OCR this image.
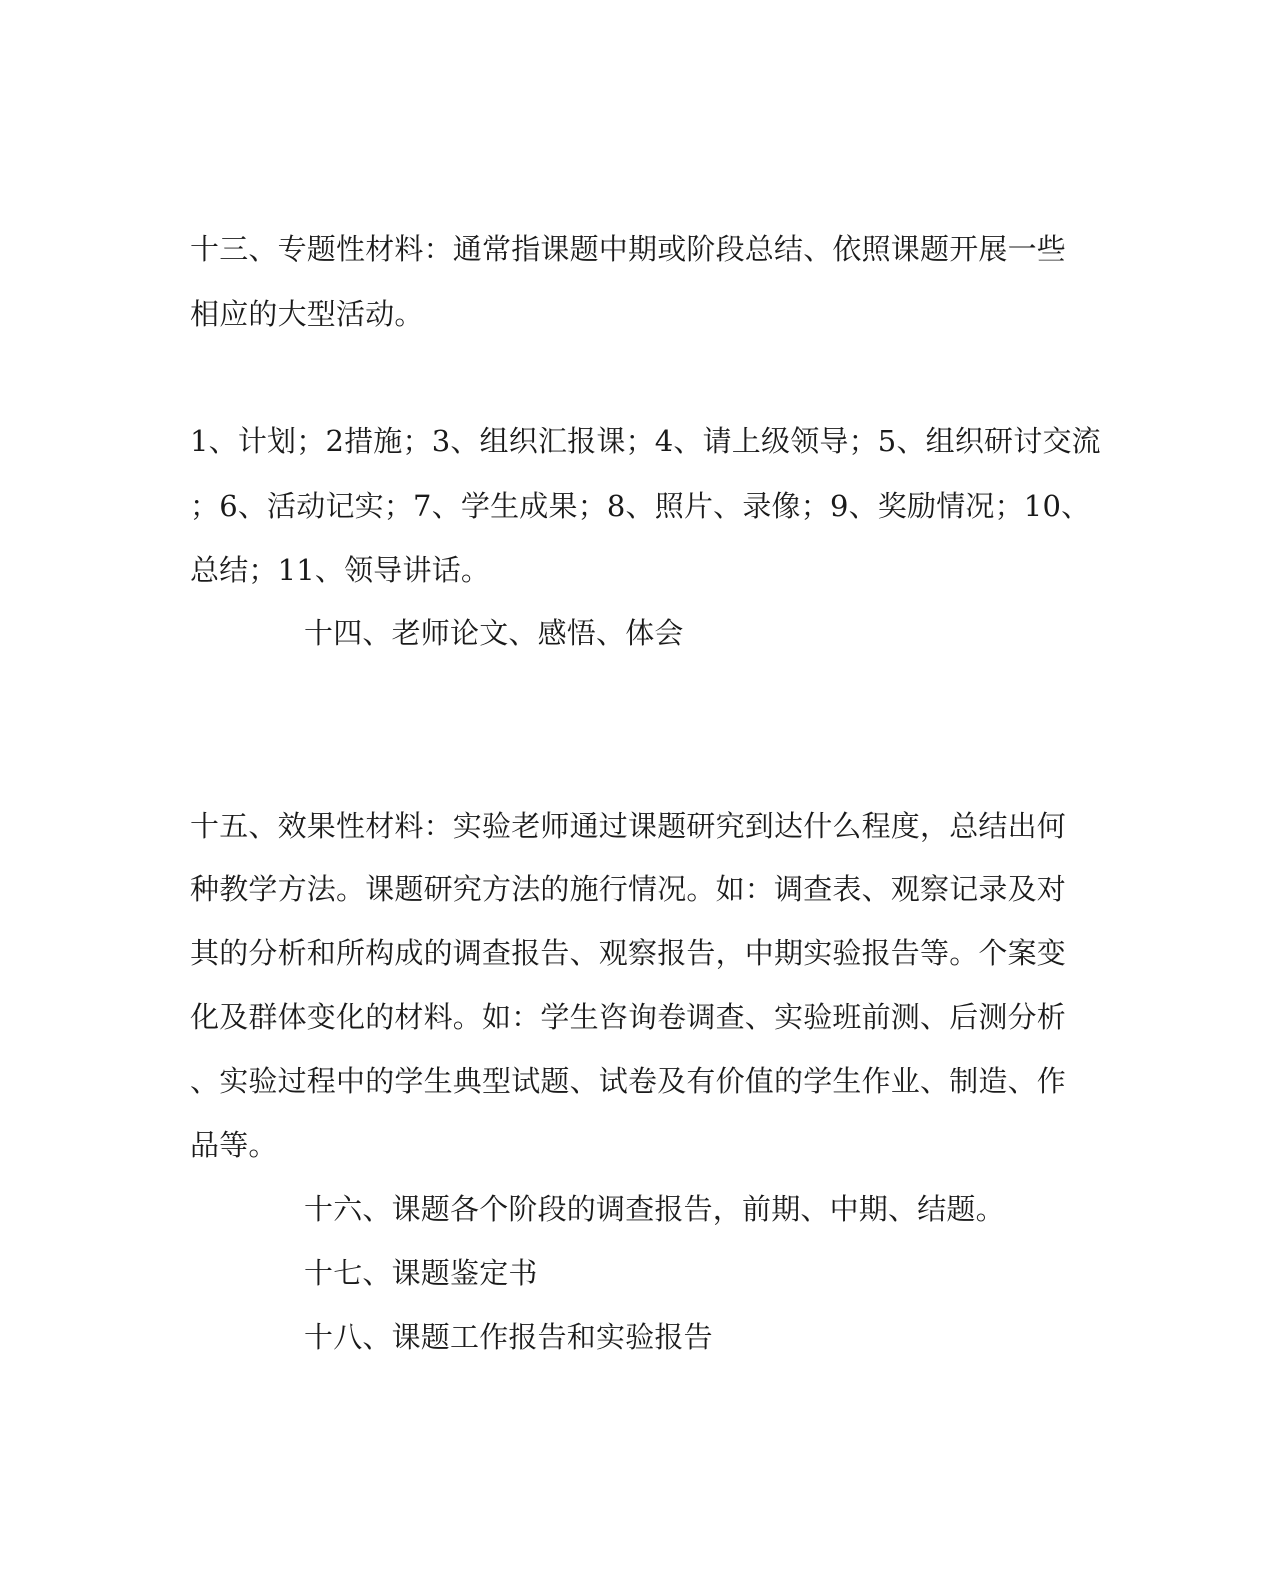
十三、专题性材料：通常指课题中期或阶段总结、依照课题开展一些
相应的大型活动。
1、计划；2措施；3、组织汇报课；4、请上级领导；5、组织研讨交流
；6、活动记实；7、学生成果；8、照片、录像；9、奖励情况；10、
总结；11、领导讲话。
十四、老师论文、感悟、体会
十五、效果性材料：实验老师通过课题研究到达什么程度，总结出何
种教学方法。课题研究方法的施行情况。如：调查表、观察记录及对
其的分析和所构成的调查报告、观察报告，中期实验报告等。个案变
化及群体变化的材料。如：学生咨询卷调查、实验班前测、后测分析
、实验过程中的学生典型试题、试卷及有价值的学生作业、制造、作
品等。
十六、课题各个阶段的调查报告，前期、中期、结题。
十七、课题鉴定书
十八、课题工作报告和实验报告
